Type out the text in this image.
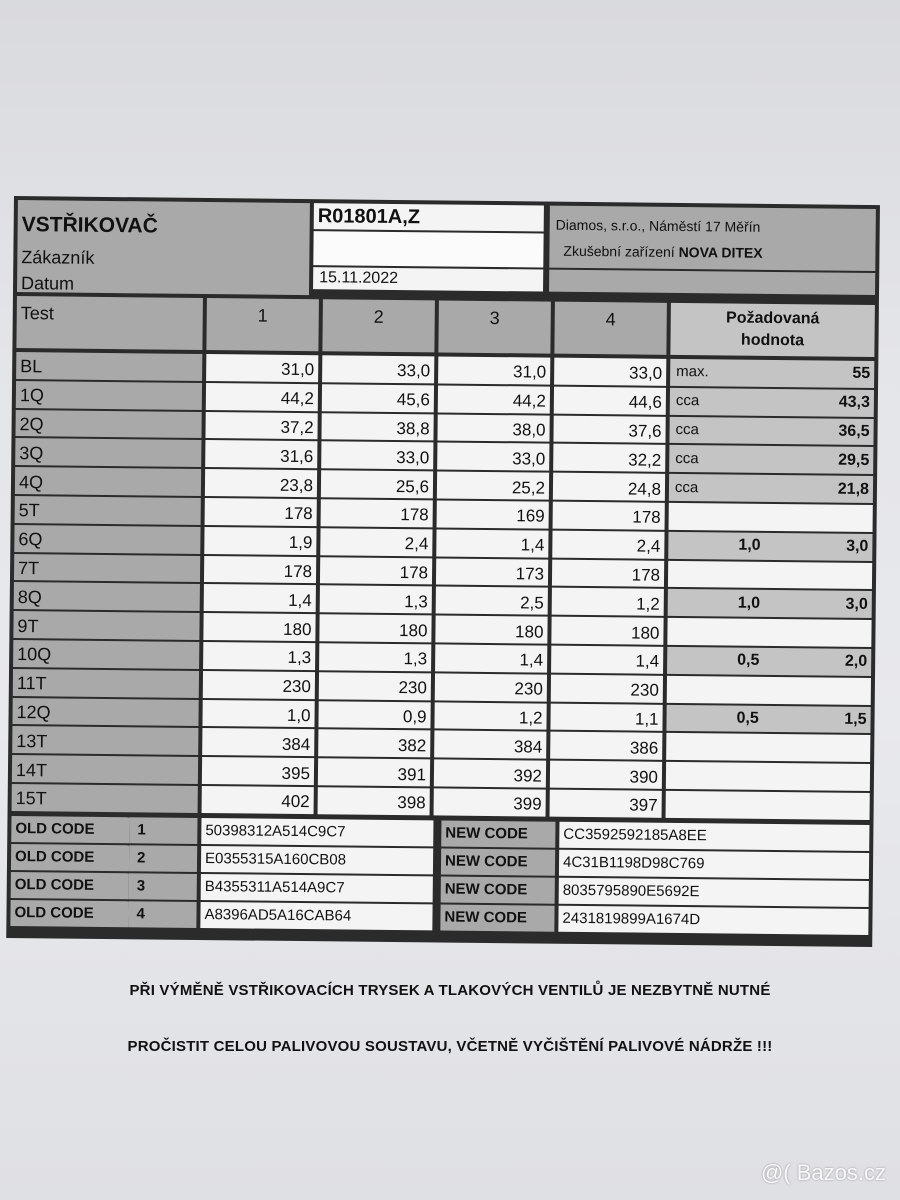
VSTŘIKOVAČ
Zákazník
Datum
R01801A,Z
15.11.2022
Diamos, s.r.o., Náměstí 17 Měřín
Zkušební zařízení NOVA DITEX
Test	1	2	3	4	Požadovaná
hodnota
BL	31,0	33,0	31,0	33,0 max.	55
1Q	44,2	45,6	44,2	44,6 cca	43,3
2Q	37,2	38,8	38,0	37,6 cca	36,5
3Q	31,6	33,0	33,0	32,2 cca	29,5
4Q	23,8	25,6	25,2	24,8 cca	21,8
5T	178	178	169	178
6Q	1,9	2,4	1,4	2,4	1,0	3,0
7T	178	178	173	178
8Q	1,4	1,3	2,5	1,2	1,0	3,0
9T	180	180	180	180
10Q	1,3	1,3	1,4	1,4	0,5	2,0
11T	230	230	230	230
12Q	1,0	0,9	1,2	1,1	0,5	1,5
13T	384	382	384	386
14T	395	391	392	390
15T	402	398	399	397
OLD CODE	1	50398312A514C9C7	NEW CODE	CC3592592185A8EE
OLD CODE	2	E0355315A160CB08	NEW CODE	4C31B1198D98C769
OLD CODE	3	B4355311A514A9C7	NEW CODE	8035795890E5692E
OLD CODE	4	A8396AD5A16CAB64	NEW CODE	2431819899A1674D
PŘI VÝMĚNĚ VSTŘIKOVACÍCH TRYSEK A TLAKOVÝCH VENTILŮ JE NEZBYTNĚ NUTNÉ
PROČISTIT CELOU PALIVOVOU SOUSTAVU, VČETNĚ VYČIŠTĚNÍ PALIVOVÉ NÁDRŽE !!!
@( Bazos.cz
